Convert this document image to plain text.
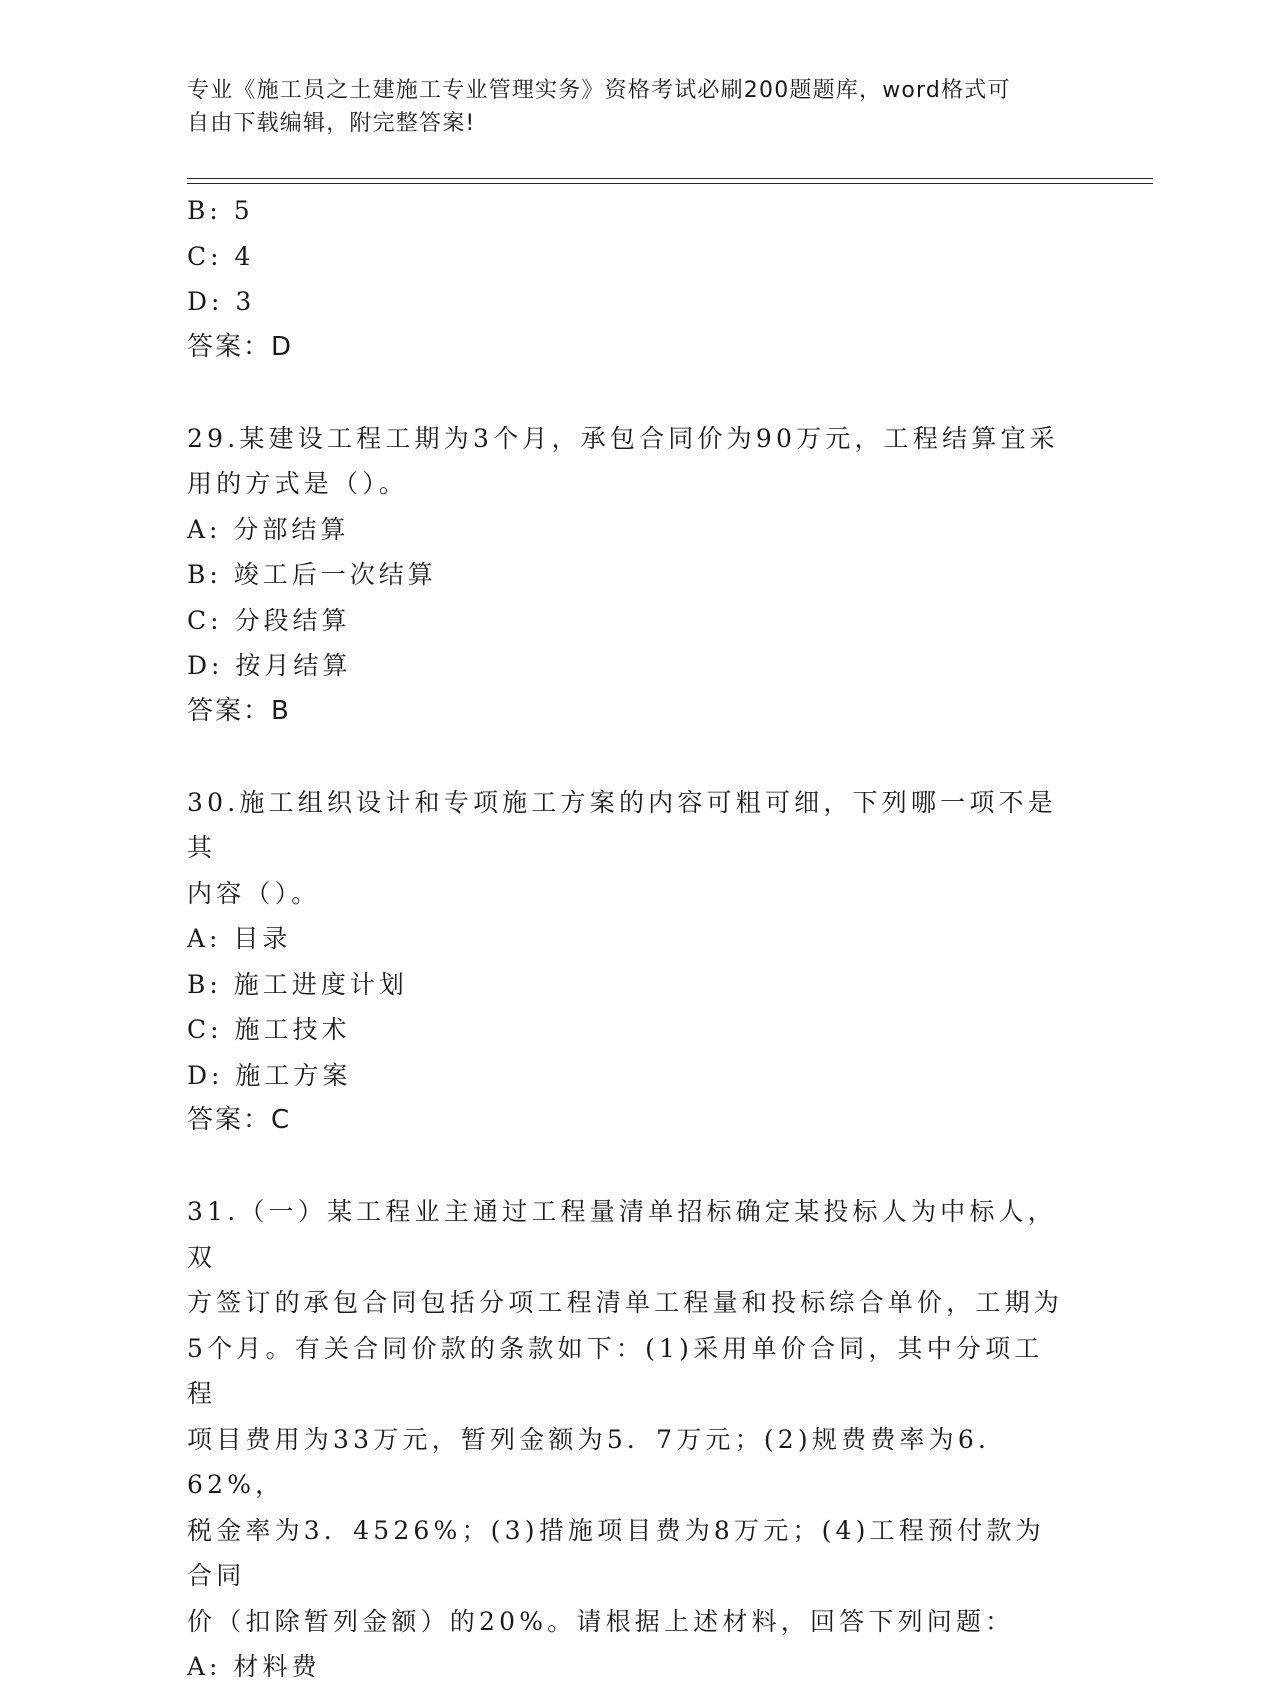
专业《施工员之土建施工专业管理实务》资格考试必刷200题题库，word格式可
自由下载编辑，附完整答案!
B: 5
C: 4
D: 3
答案：D
29.某建设工程工期为3个月，承包合同价为90万元，工程结算宜采
用的方式是（）。
A: 分部结算
B: 竣工后一次结算
C: 分段结算
D: 按月结算
答案：B
30.施工组织设计和专项施工方案的内容可粗可细，下列哪一项不是其
内容（）。
A: 目录
B: 施工进度计划
C: 施工技术
D: 施工方案
答案：C
31.（一）某工程业主通过工程量清单招标确定某投标人为中标人，双
方签订的承包合同包括分项工程清单工程量和投标综合单价，工期为
5个月。有关合同价款的条款如下：(1)采用单价合同，其中分项工程
项目费用为33万元，暂列金额为5．7万元；(2)规费费率为6．62%，
税金率为3．4526%；(3)措施项目费为8万元；(4)工程预付款为合同
价（扣除暂列金额）的20%。请根据上述材料，回答下列问题：
A: 材料费
